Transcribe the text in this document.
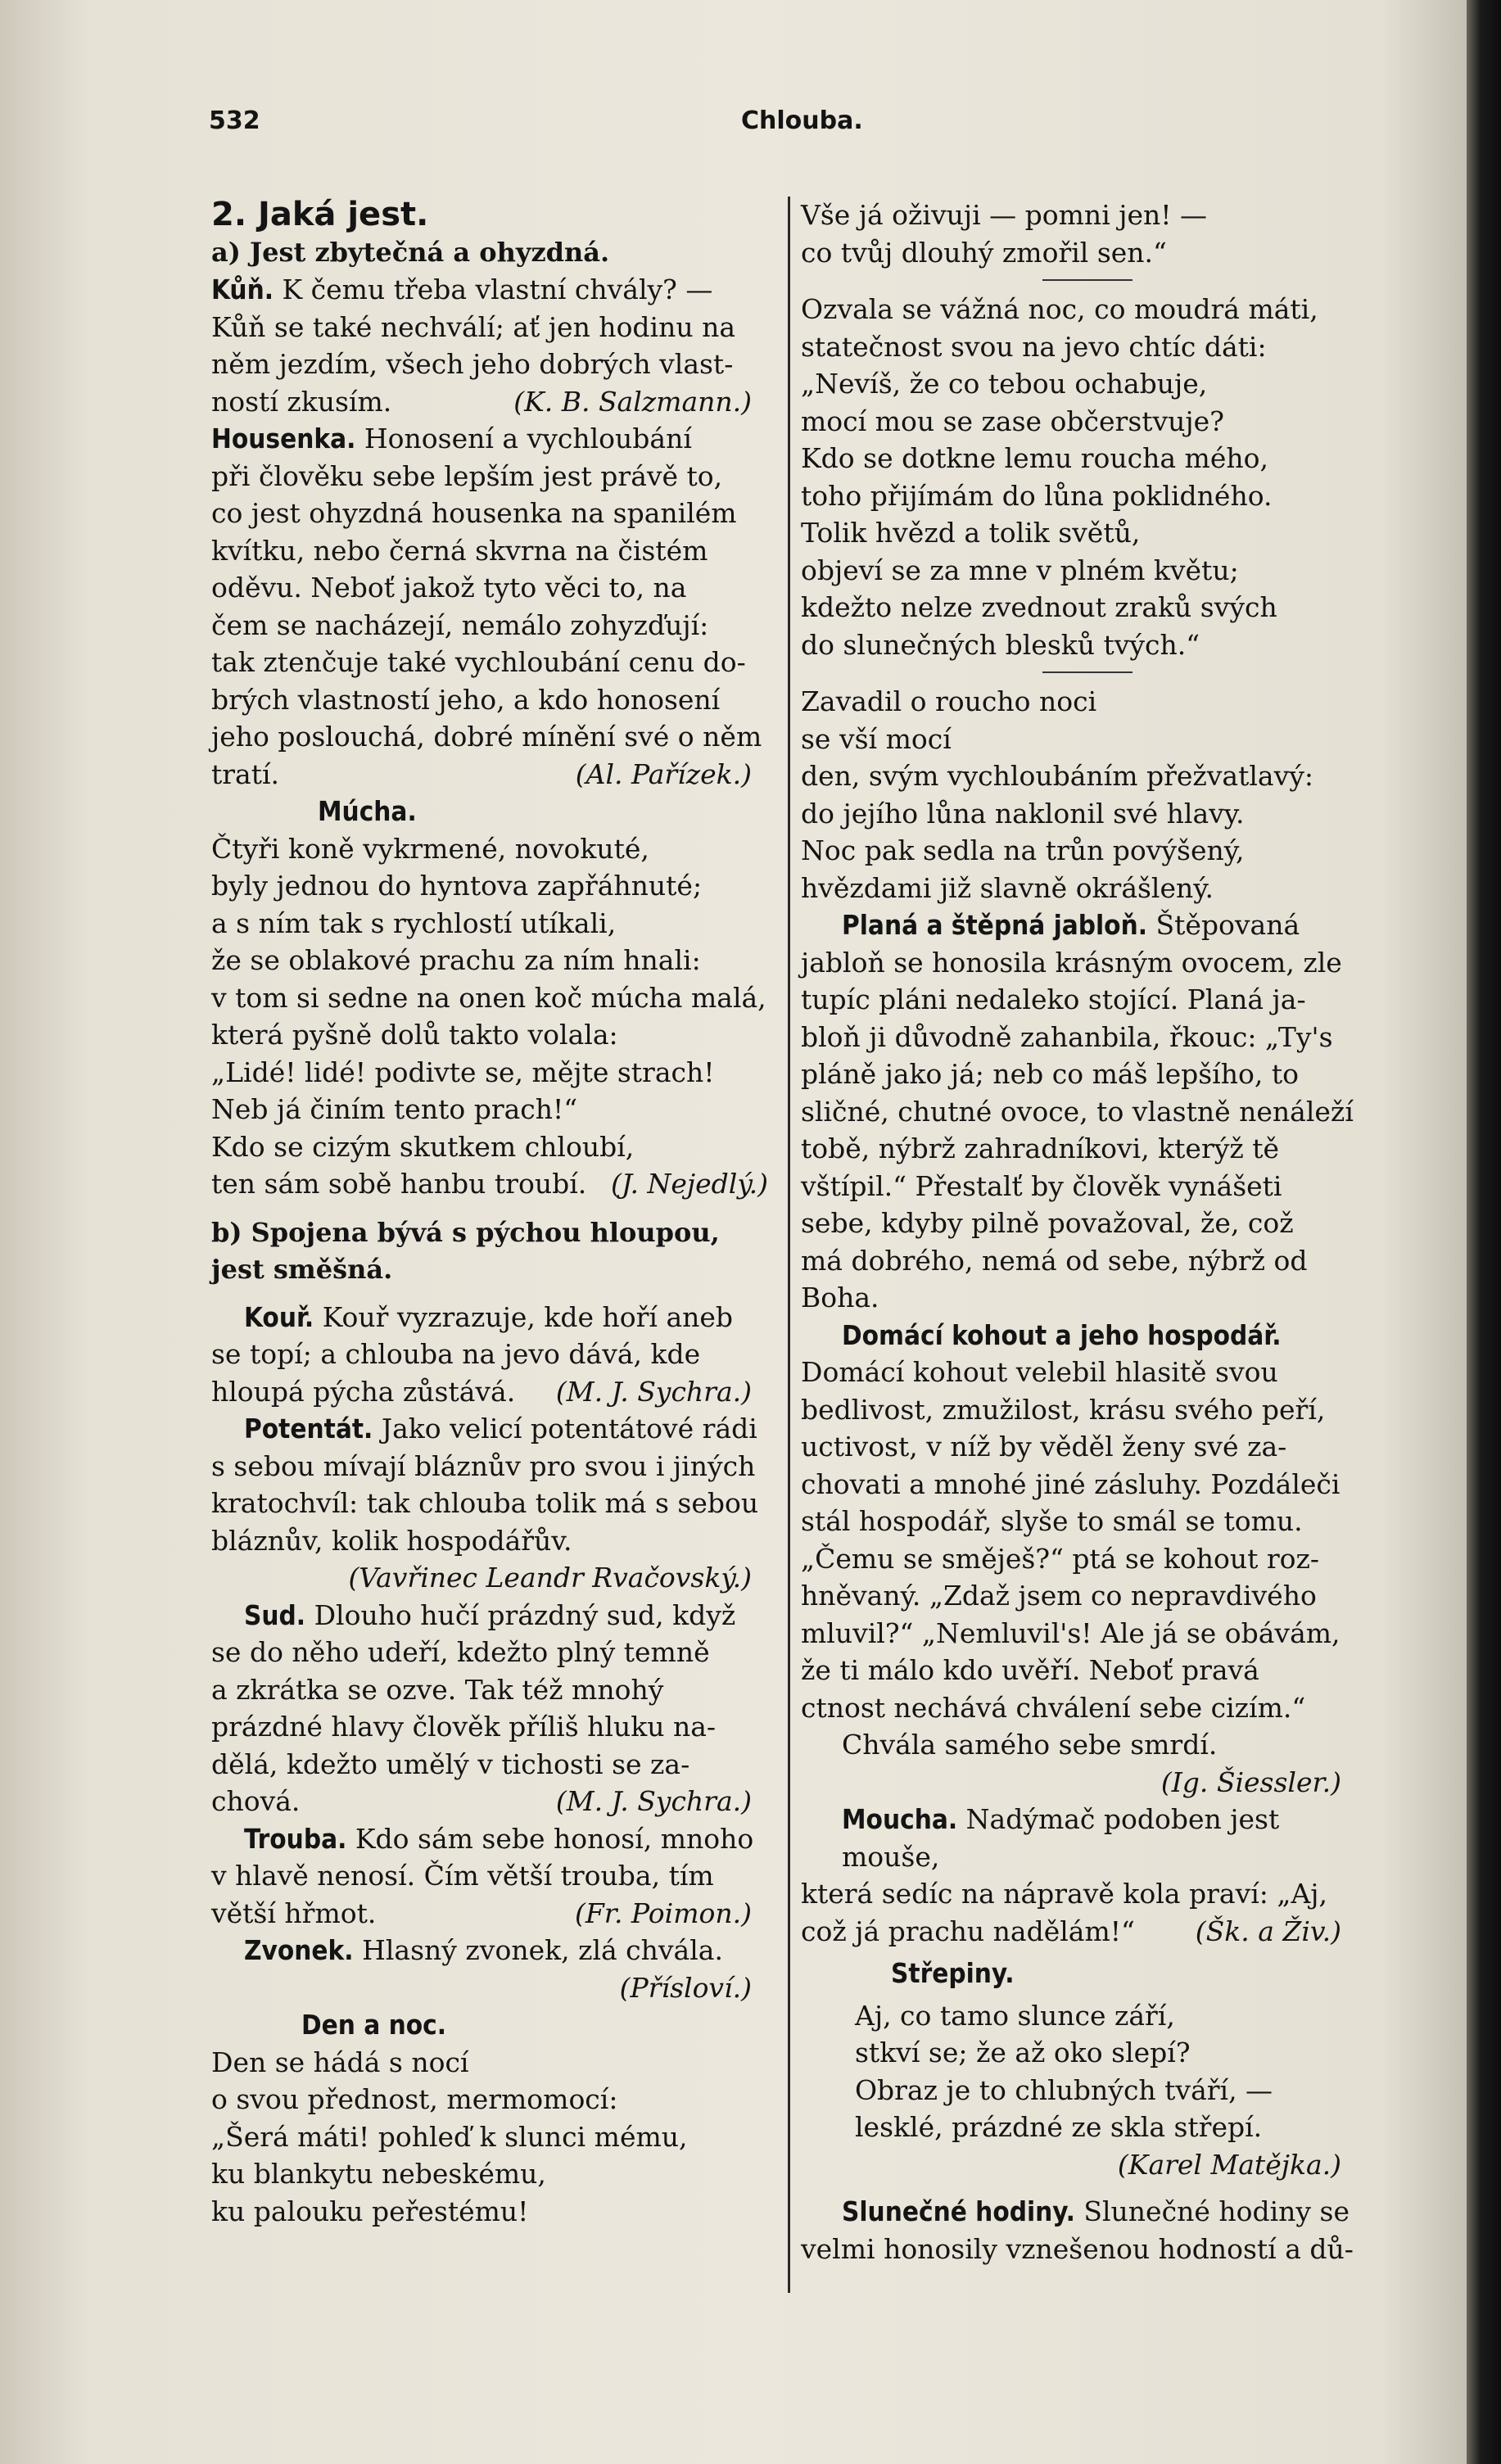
532	Chlouba.

2. Jaká jest.

a) Jest zbytečná a ohyzdná.

Kůň. K čemu třeba vlastní chvály? —
Kůň se také nechválí; ať jen hodinu na
něm jezdím, všech jeho dobrých vlast-
ností zkusím.	(K. B. Salzmann.)
Housenka. Honosení a vychloubání
při člověku sebe lepším jest právě to,
co jest ohyzdná housenka na spanilém
kvítku, nebo černá skvrna na čistém
oděvu. Neboť jakož tyto věci to, na
čem se nacházejí, nemálo zohyzďují:
tak ztenčuje také vychloubání cenu do-
brých vlastností jeho, a kdo honosení
jeho poslouchá, dobré mínění své o něm
tratí.	(Al. Pařízek.)
Múcha.
Čtyři koně vykrmené, novokuté,
byly jednou do hyntova zapřáhnuté;
a s ním tak s rychlostí utíkali,
že se oblakové prachu za ním hnali:
v tom si sedne na onen koč múcha malá,
která pyšně dolů takto volala:
„Lidé! lidé! podivte se, mějte strach!
Neb já činím tento prach!“
Kdo se cizým skutkem chloubí,
ten sám sobě hanbu troubí. (J. Nejedlý.)

b) Spojena bývá s pýchou hloupou,

jest směšná.

Kouř. Kouř vyzrazuje, kde hoří aneb
se topí; a chlouba na jevo dává, kde
hloupá pýcha zůstává. (M. J. Sychra.)
Potentát. Jako velicí potentátové rádi
s sebou mívají bláznův pro svou i jiných
kratochvíl: tak chlouba tolik má s sebou
bláznův, kolik hospodářův.
(Vavřinec Leandr Rvačovský.)
Sud. Dlouho hučí prázdný sud, když
se do něho udeří, kdežto plný temně
a zkrátka se ozve. Tak též mnohý
prázdné hlavy člověk příliš hluku na-
dělá, kdežto umělý v tichosti se za-
chová.	(M. J. Sychra.)
Trouba. Kdo sám sebe honosí, mnoho
v hlavě nenosí. Čím větší trouba, tím
větší hřmot.	(Fr. Poimon.)
Zvonek. Hlasný zvonek, zlá chvála.
(Přísloví.)
Den a noc.
Den se hádá s nocí
o svou přednost, mermomocí:
„Šerá máti! pohleď k slunci mému,
ku blankytu nebeskému,
ku palouku peřestému!
Vše já oživuji — pomni jen! —
co tvůj dlouhý zmořil sen.“
Ozvala se vážná noc, co moudrá máti,
statečnost svou na jevo chtíc dáti:
„Nevíš, že co tebou ochabuje,
mocí mou se zase občerstvuje?
Kdo se dotkne lemu roucha mého,
toho přijímám do lůna poklidného.
Tolik hvězd a tolik světů,
objeví se za mne v plném květu;
kdežto nelze zvednout zraků svých
do slunečných blesků tvých.“
Zavadil o roucho noci
se vší mocí
den, svým vychloubáním přežvatlavý:
do jejího lůna naklonil své hlavy.
Noc pak sedla na trůn povýšený,
hvězdami již slavně okrášlený.
Planá a štěpná jabloň. Štěpovaná
jabloň se honosila krásným ovocem, zle
tupíc pláni nedaleko stojící. Planá ja-
bloň ji důvodně zahanbila, řkouc: „Ty's
pláně jako já; neb co máš lepšího, to
sličné, chutné ovoce, to vlastně nenáleží
tobě, nýbrž zahradníkovi, kterýž tě
vštípil.“ Přestalť by člověk vynášeti
sebe, kdyby pilně považoval, že, což
má dobrého, nemá od sebe, nýbrž od
Boha.
Domácí kohout a jeho hospodář.
Domácí kohout velebil hlasitě svou
bedlivost, zmužilost, krásu svého peří,
uctivost, v níž by věděl ženy své za-
chovati a mnohé jiné zásluhy. Pozdáleči
stál hospodář, slyše to smál se tomu.
„Čemu se směješ?“ ptá se kohout roz-
hněvaný. „Zdaž jsem co nepravdivého
mluvil?“ „Nemluvil's! Ale já se obávám,
že ti málo kdo uvěří. Neboť pravá
ctnost nechává chválení sebe cizím.“
Chvála samého sebe smrdí.
(Ig. Šiessler.)
Moucha. Nadýmač podoben jest mouše,
která sedíc na nápravě kola praví: „Aj,
což já prachu nadělám!“ (Šk. a Živ.)
Střepiny.
Aj, co tamo slunce září,
stkví se; že až oko slepí?
Obraz je to chlubných tváří, —
lesklé, prázdné ze skla střepí.
(Karel Matějka.)
Slunečné hodiny. Slunečné hodiny se
velmi honosily vznešenou hodností a dů-
